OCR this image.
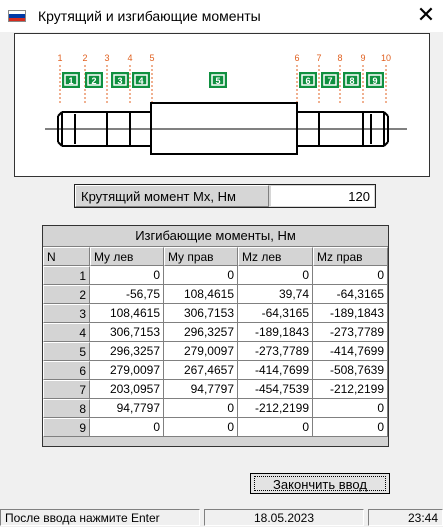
Крутящий и изгибающие моменты	✕
1 2 3 4 5	6 7 8 9 10
1 2 3 4	5	6 7 8 9
Крутящий момент Mx, Нм
120
Изгибающие моменты, Нм
N	My лев	My прав	Mz лев	Mz прав
1	0	0	0	0
2	-56,75	108,4615	39,74	-64,3165
3	108,4615	306,7153	-64,3165	-189,1843
4	306,7153	296,3257	-189,1843	-273,7789
5	296,3257	279,0097	-273,7789	-414,7699
6	279,0097	267,4657	-414,7699	-508,7639
7	203,0957	94,7797	-454,7539	-212,2199
8	94,7797	0	-212,2199	0
9	0	0	0	0
Закончить ввод
После ввода нажмите Enter	18.05.2023	23:44
